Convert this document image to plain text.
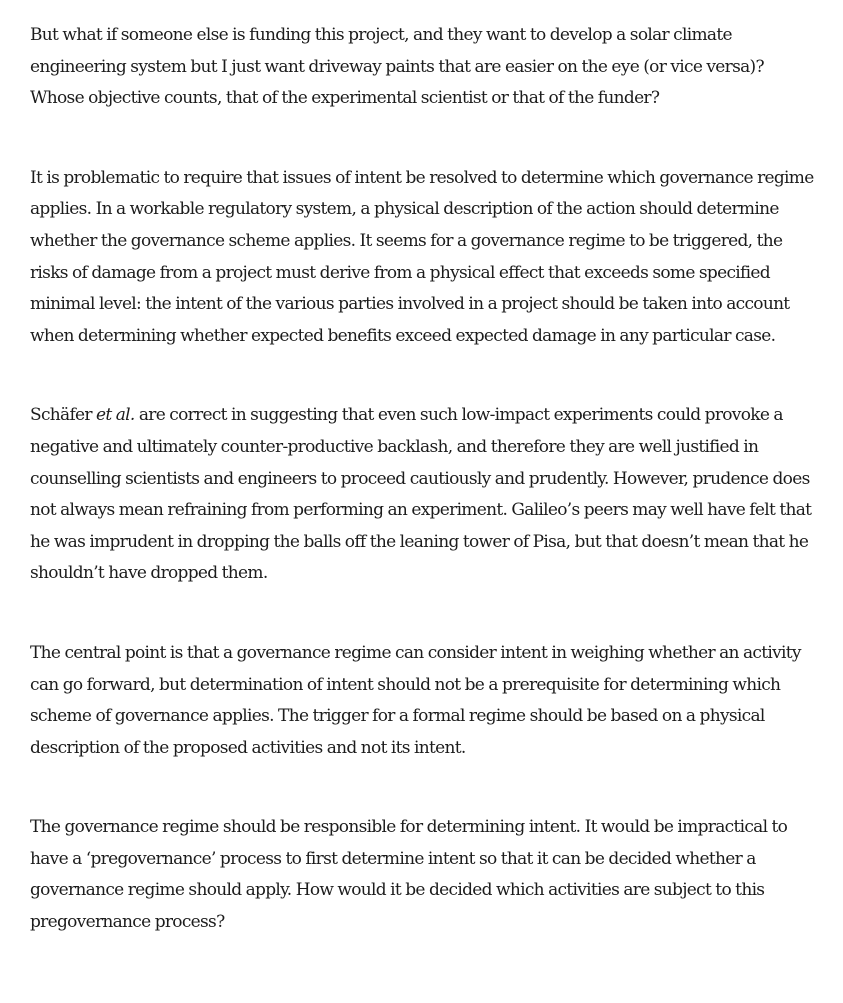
But what if someone else is funding this project, and they want to develop a solar climate engineering system but I just want driveway paints that are easier on the eye (or vice versa)? Whose objective counts, that of the experimental scientist or that of the funder?

It is problematic to require that issues of intent be resolved to determine which governance regime applies. In a workable regulatory system, a physical description of the action should determine whether the governance scheme applies. It seems for a governance regime to be triggered, the risks of damage from a project must derive from a physical effect that exceeds some specified minimal level: the intent of the various parties involved in a project should be taken into account when determining whether expected benefits exceed expected damage in any particular case.

Schäfer et al. are correct in suggesting that even such low-impact experiments could provoke a negative and ultimately counter-productive backlash, and therefore they are well justified in counselling scientists and engineers to proceed cautiously and prudently. However, prudence does not always mean refraining from performing an experiment. Galileo’s peers may well have felt that he was imprudent in dropping the balls off the leaning tower of Pisa, but that doesn’t mean that he shouldn’t have dropped them.

The central point is that a governance regime can consider intent in weighing whether an activity can go forward, but determination of intent should not be a prerequisite for determining which scheme of governance applies. The trigger for a formal regime should be based on a physical description of the proposed activities and not its intent.

The governance regime should be responsible for determining intent. It would be impractical to have a ‘pregovernance’ process to first determine intent so that it can be decided whether a governance regime should apply. How would it be decided which activities are subject to this pregovernance process?
